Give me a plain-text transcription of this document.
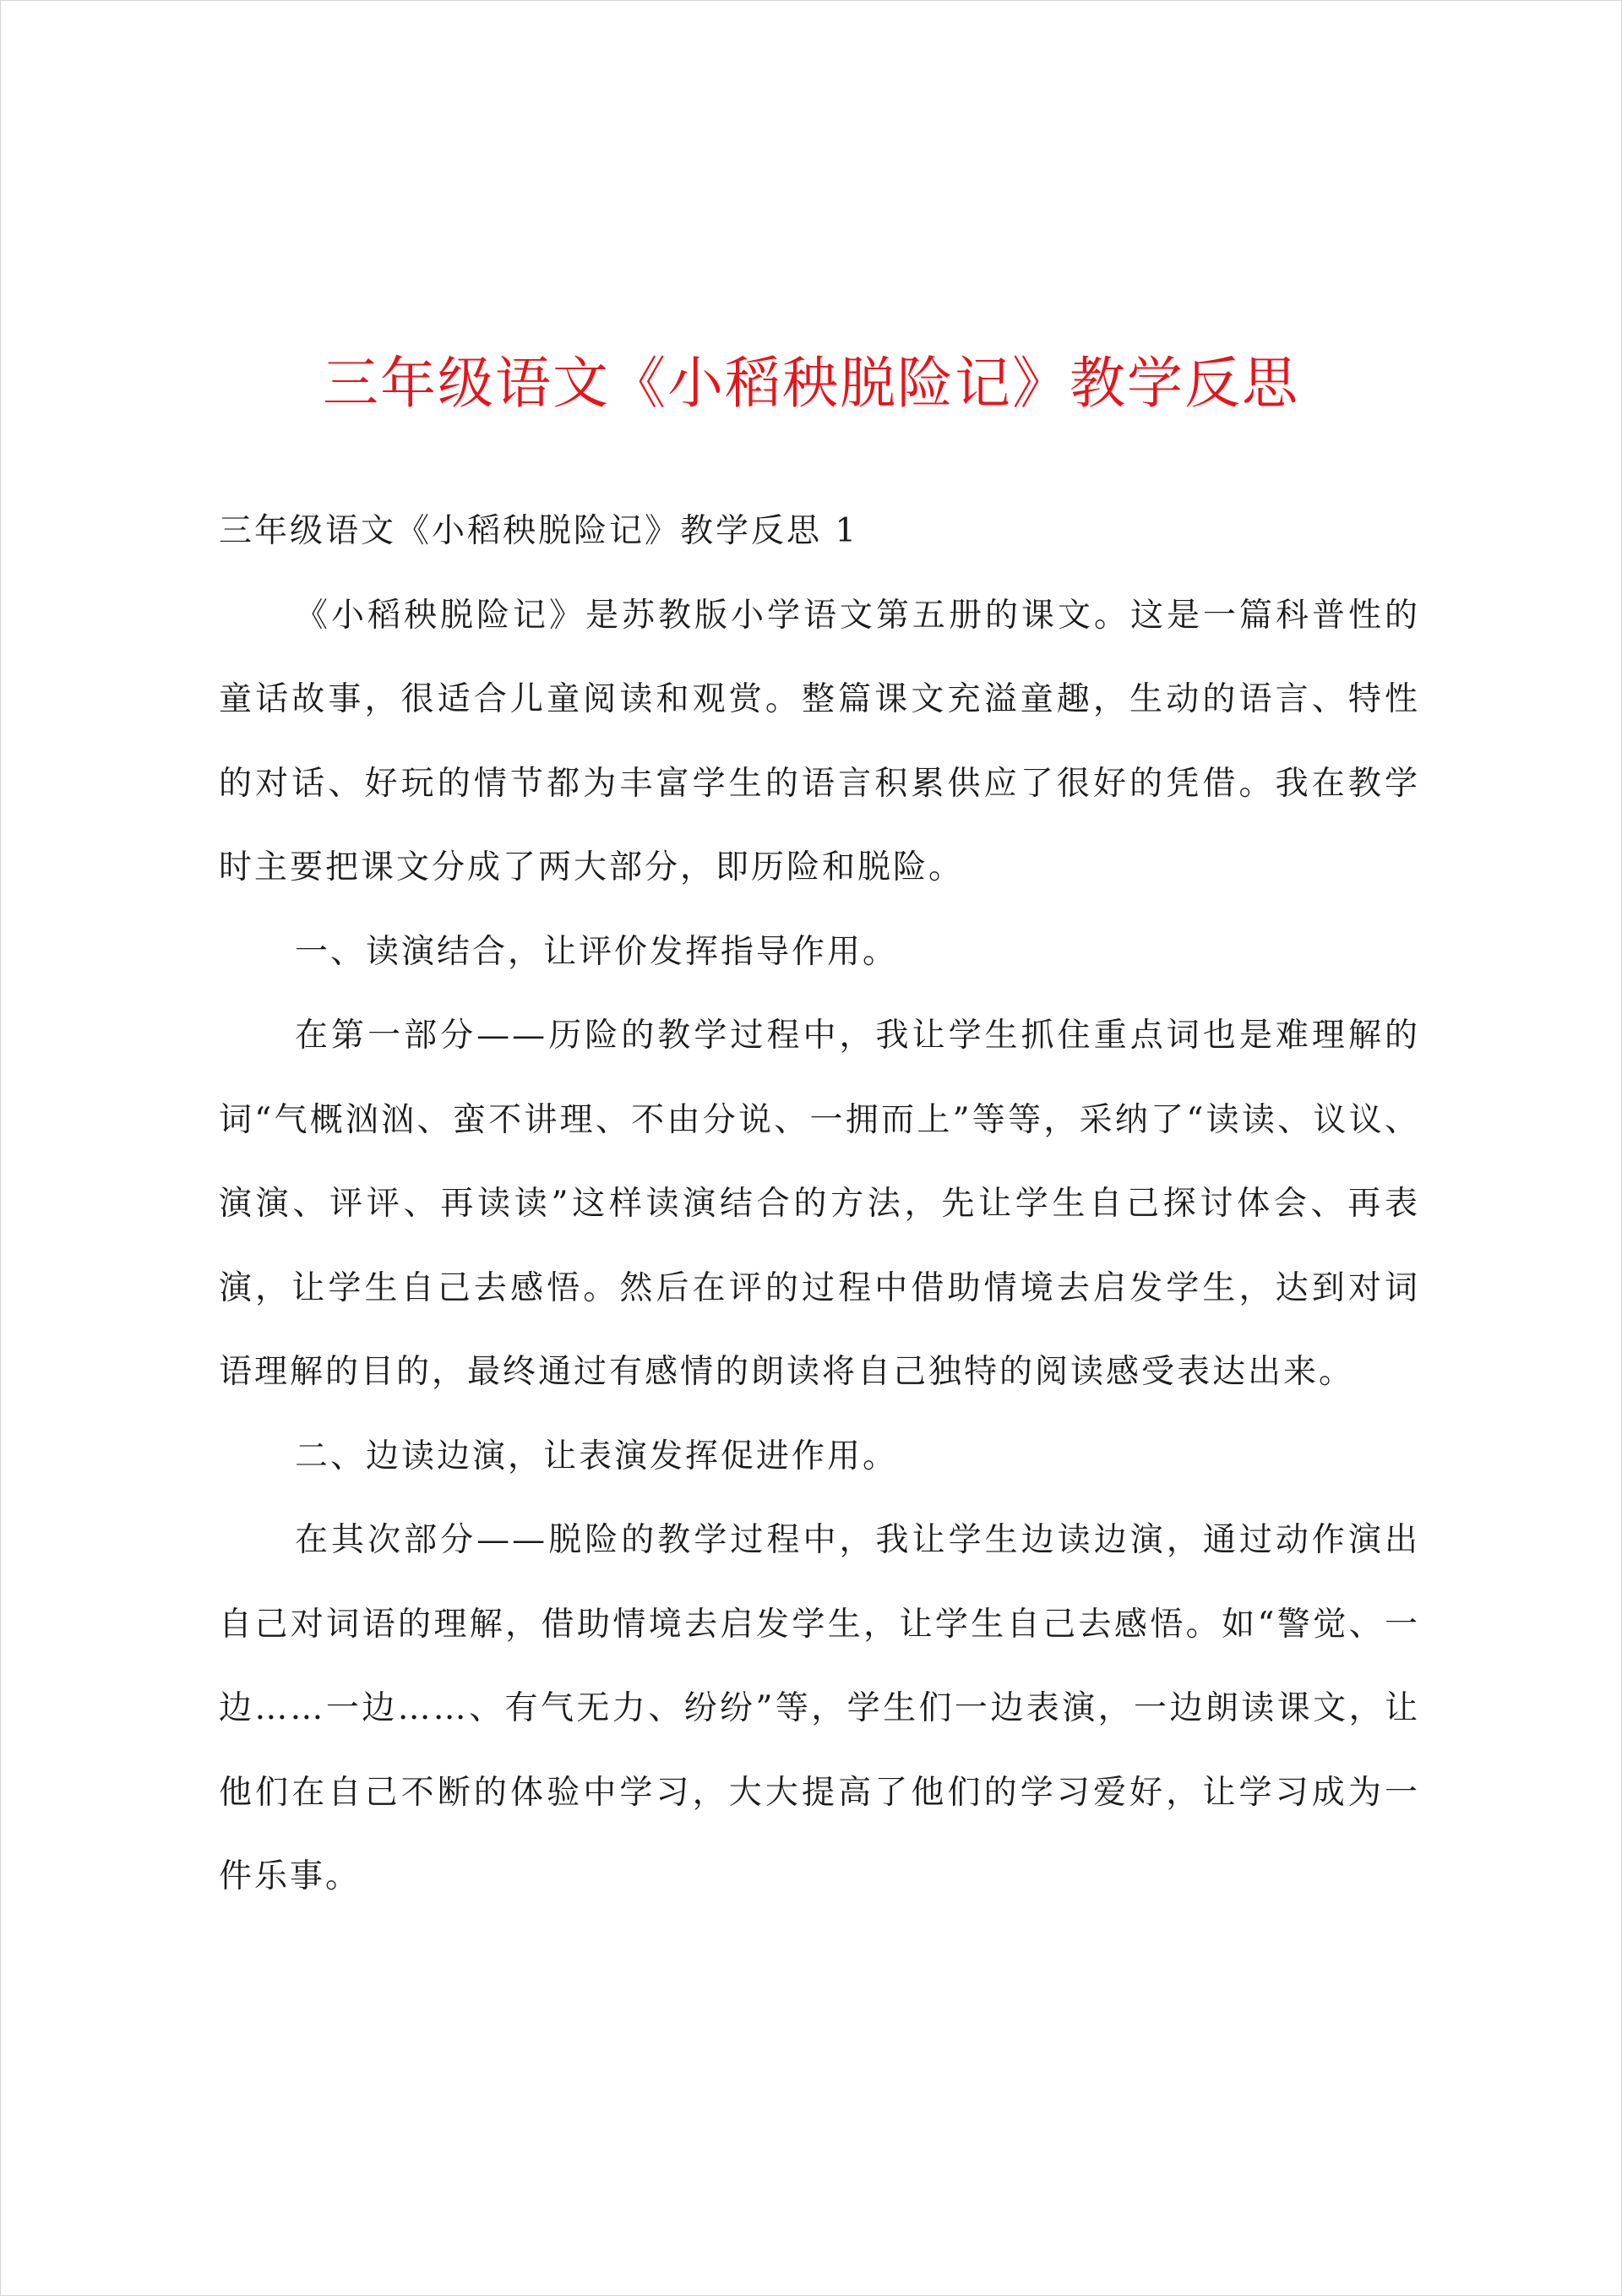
三年级语文《小稻秧脱险记》教学反思

三年级语文《小稻秧脱险记》教学反思 1

《小稻秧脱险记》是苏教版小学语文第五册的课文。这是一篇科普性的童话故事，很适合儿童阅读和观赏。整篇课文充溢童趣，生动的语言、特性的对话、好玩的情节都为丰富学生的语言积累供应了很好的凭借。我在教学时主要把课文分成了两大部分，即历险和脱险。

一、读演结合，让评价发挥指导作用。

在第一部分——历险的教学过程中，我让学生抓住重点词也是难理解的词“气概汹汹、蛮不讲理、不由分说、一拥而上”等等，采纳了“读读、议议、演演、评评、再读读”这样读演结合的方法，先让学生自己探讨体会、再表演，让学生自己去感悟。然后在评的过程中借助情境去启发学生，达到对词语理解的目的，最终通过有感情的朗读将自己独特的阅读感受表达出来。

二、边读边演，让表演发挥促进作用。

在其次部分——脱险的教学过程中，我让学生边读边演，通过动作演出自己对词语的理解，借助情境去启发学生，让学生自己去感悟。如“警觉、一边……一边……、有气无力、纷纷”等，学生们一边表演，一边朗读课文，让他们在自己不断的体验中学习，大大提高了他们的学习爱好，让学习成为一件乐事。
